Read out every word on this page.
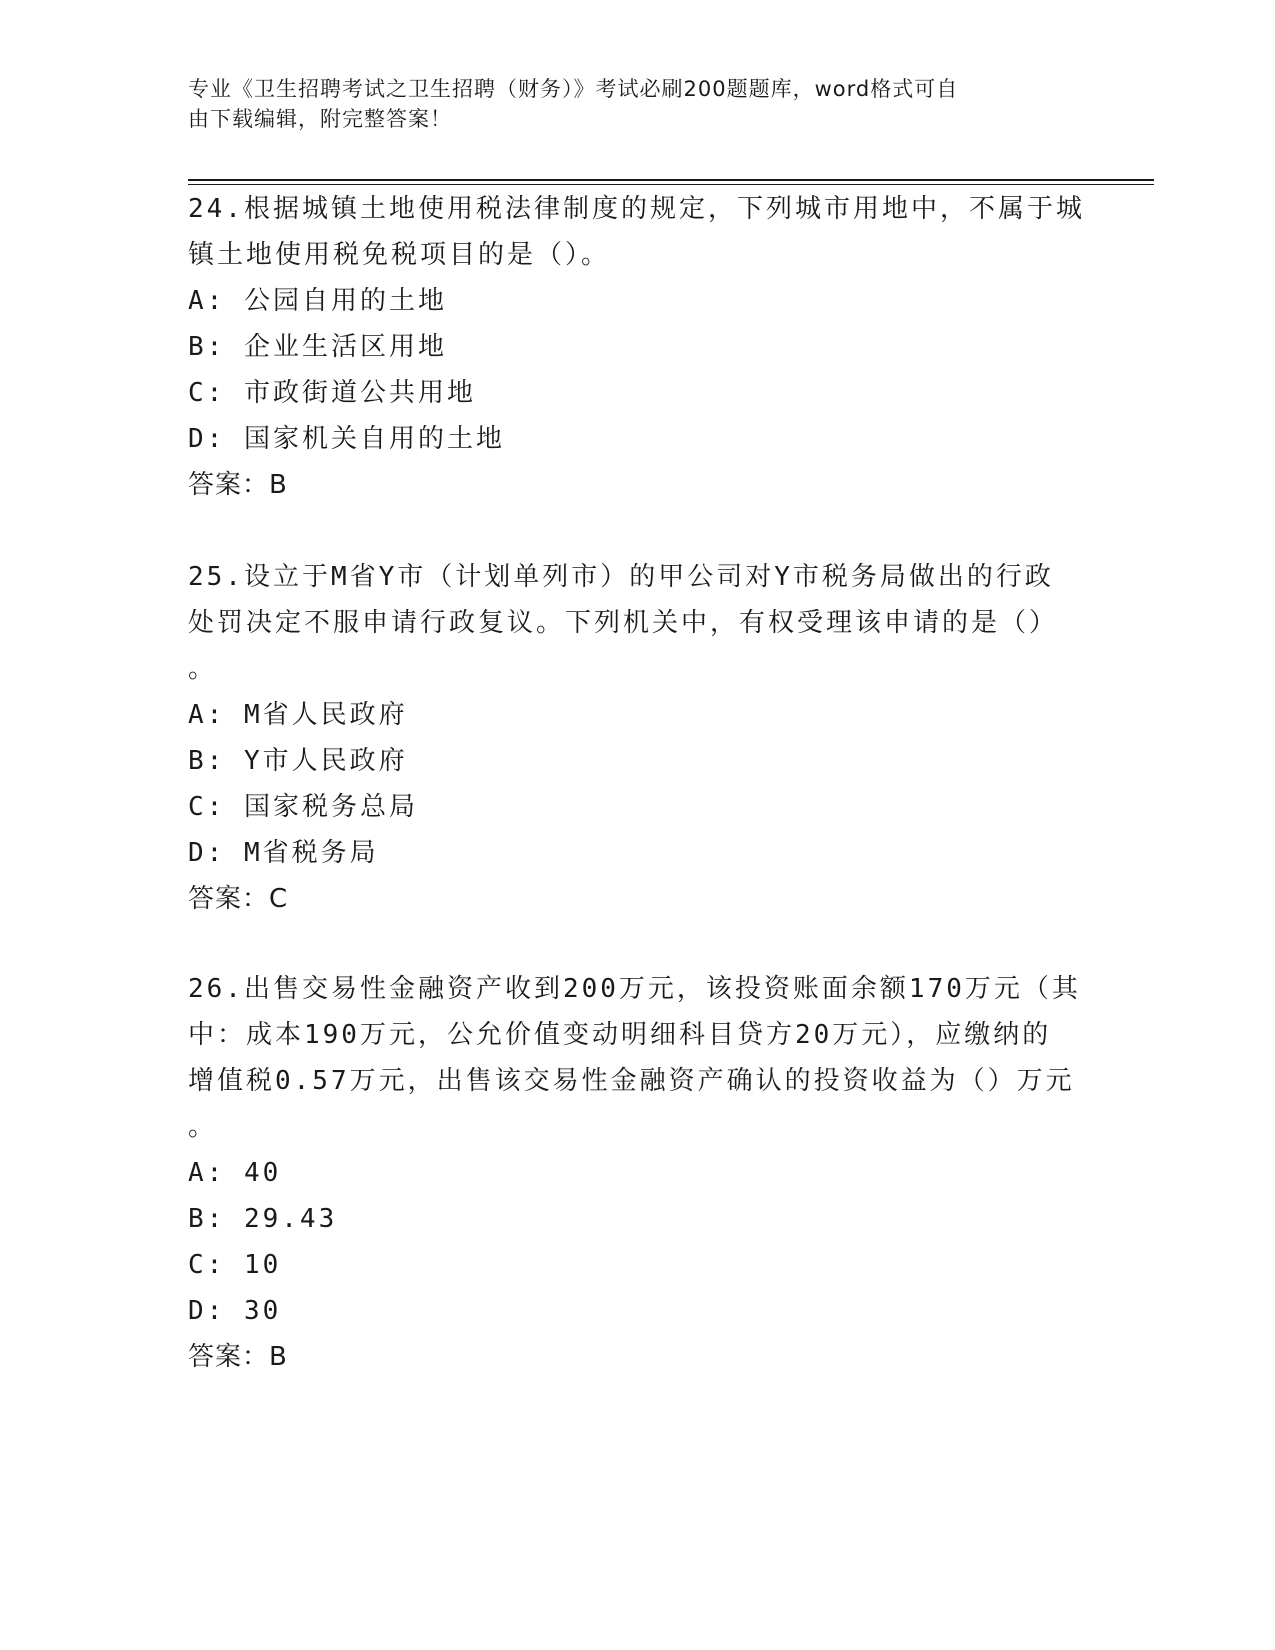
专业《卫生招聘考试之卫生招聘（财务）》考试必刷200题题库，word格式可自
由下载编辑，附完整答案！

24.根据城镇土地使用税法律制度的规定，下列城市用地中，不属于城

镇土地使用税免税项目的是（）。

A: 公园自用的土地

B: 企业生活区用地

C: 市政街道公共用地

D: 国家机关自用的土地

答案：B

25.设立于M省Y市（计划单列市）的甲公司对Y市税务局做出的行政

处罚决定不服申请行政复议。下列机关中，有权受理该申请的是（）

。

A: M省人民政府

B: Y市人民政府

C: 国家税务总局

D: M省税务局

答案：C

26.出售交易性金融资产收到200万元，该投资账面余额170万元（其

中：成本190万元，公允价值变动明细科目贷方20万元），应缴纳的

增值税0.57万元，出售该交易性金融资产确认的投资收益为（）万元

。

A: 40

B: 29.43

C: 10

D: 30

答案：B
